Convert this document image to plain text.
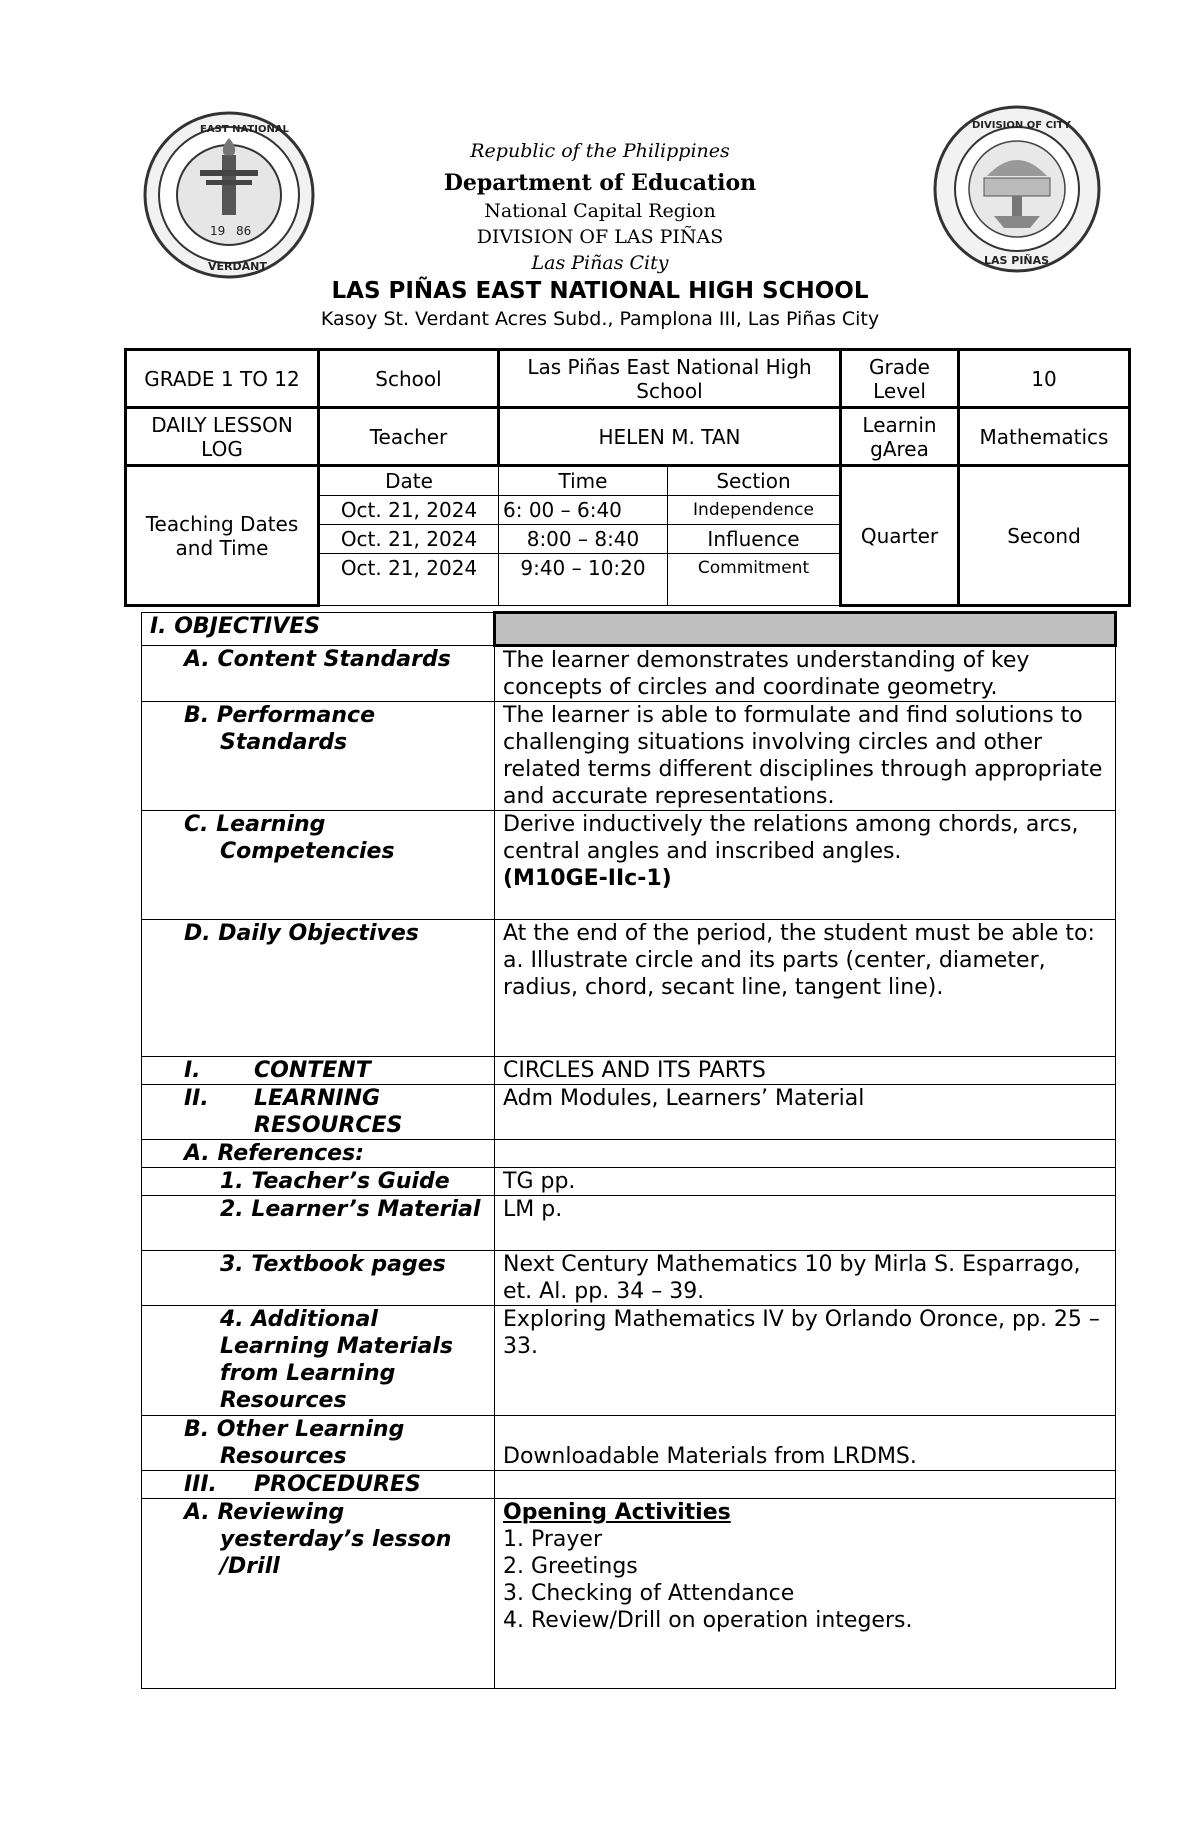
19 86
EAST NATIONAL
VERDANT
DIVISION OF CITY
LAS PIÑAS
Republic of the Philippines
Department of Education
National Capital Region
DIVISION OF LAS PIÑAS
Las Piñas City
LAS PIÑAS EAST NATIONAL HIGH SCHOOL
Kasoy St. Verdant Acres Subd., Pamplona III, Las Piñas City
GRADE 1 TO 12	School	Las Piñas East National High School		Grade Level	10
DAILY LESSON LOG	Teacher	HELEN M. TAN		Learnin gArea	Mathematics
Teaching Dates and Time	Date	Time	Section	Quarter	Second
	Oct. 21, 2024	6: 00 – 6:40	Independence		
	Oct. 21, 2024	8:00 – 8:40	Influence		
	Oct. 21, 2024	9:40 – 10:20	Commitment		
I. OBJECTIVES	

A. Content Standards	The learner demonstrates understanding of key concepts of circles and coordinate geometry.

B. Performance Standards	The learner is able to formulate and find solutions to challenging situations involving circles and other related terms different disciplines through appropriate and accurate representations.

C. Learning Competencies	Derive inductively the relations among chords, arcs, central angles and inscribed angles.
(M10GE-IIc-1)
D. Daily Objectives	At the end of the period, the student must be able to:
a. Illustrate circle and its parts (center, diameter, radius, chord, secant line, tangent line).

I. CONTENT	CIRCLES AND ITS PARTS

II. LEARNING RESOURCES	Adm Modules, Learners’ Material
A. References:	
1. Teacher’s Guide	TG pp.
2. Learner’s Material	LM p.
3. Textbook pages	Next Century Mathematics 10 by Mirla S. Esparrago, et. Al. pp. 34 – 39.
4. Additional Learning Materials from Learning Resources	Exploring Mathematics IV by Orlando Oronce, pp. 25 – 33.

B. Other Learning Resources	Downloadable Materials from LRDMS.
III. PROCEDURES	

A. Reviewing yesterday’s lesson /Drill	Opening Activities
1. Prayer
2. Greetings
3. Checking of Attendance
4. Review/Drill on operation integers.
